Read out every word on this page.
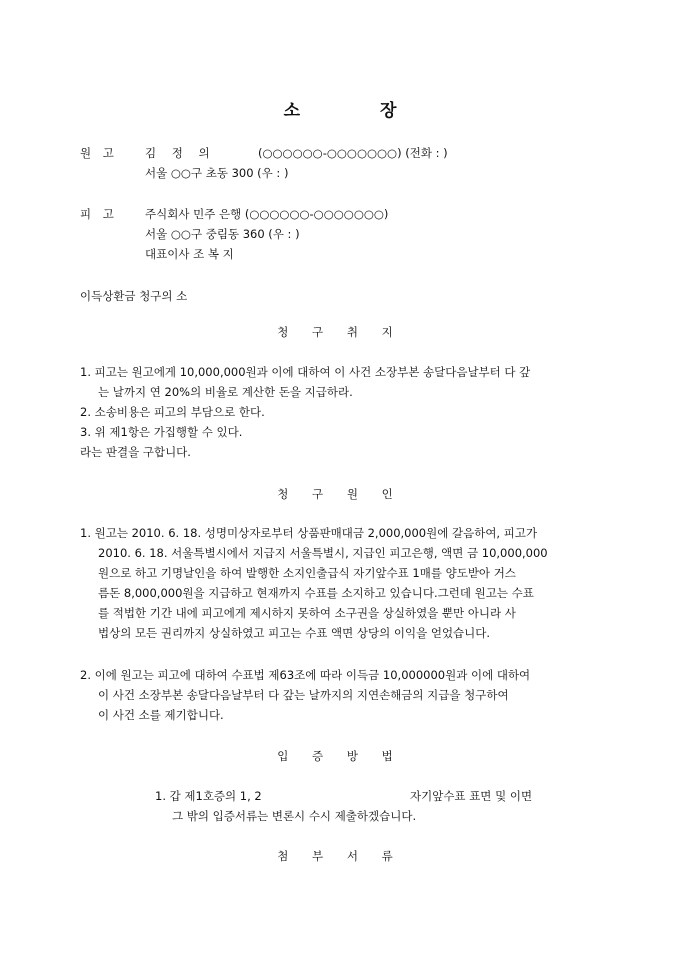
소	장
원 고 김 정 의	(○○○○○○-○○○○○○○) (전화 : )
서울 ○○구 초동 300 (우 : )
피 고 주식회사 민주 은행 (○○○○○○-○○○○○○○)
서울 ○○구 중림동 360 (우 : )
대표이사 조 복 지
이득상환금 청구의 소
청 구 취 지
1. 피고는 원고에게 10,000,000원과 이에 대하여 이 사건 소장부본 송달다음날부터 다 갚
는 날까지 연 20%의 비율로 계산한 돈을 지급하라.
2. 소송비용은 피고의 부담으로 한다.
3. 위 제1항은 가집행할 수 있다.
라는 판결을 구합니다.
청 구 원 인
1. 원고는 2010. 6. 18. 성명미상자로부터 상품판매대금 2,000,000원에 갈음하여, 피고가
2010. 6. 18. 서울특별시에서 지급지 서울특별시, 지급인 피고은행, 액면 금 10,000,000
원으로 하고 기명날인을 하여 발행한 소지인출급식 자기앞수표 1매를 양도받아 거스
름돈 8,000,000원을 지급하고 현재까지 수표를 소지하고 있습니다.그런데 원고는 수표
를 적법한 기간 내에 피고에게 제시하지 못하여 소구권을 상실하였을 뿐만 아니라 사
법상의 모든 권리까지 상실하였고 피고는 수표 액면 상당의 이익을 얻었습니다.
2. 이에 원고는 피고에 대하여 수표법 제63조에 따라 이득금 10,000000원과 이에 대하여
이 사건 소장부본 송달다음날부터 다 갚는 날까지의 지연손해금의 지급을 청구하여
이 사건 소를 제기합니다.
입 증 방 법
1. 갑 제1호증의 1, 2	자기앞수표 표면 및 이면
그 밖의 입증서류는 변론시 수시 제출하겠습니다.
첨 부 서 류
